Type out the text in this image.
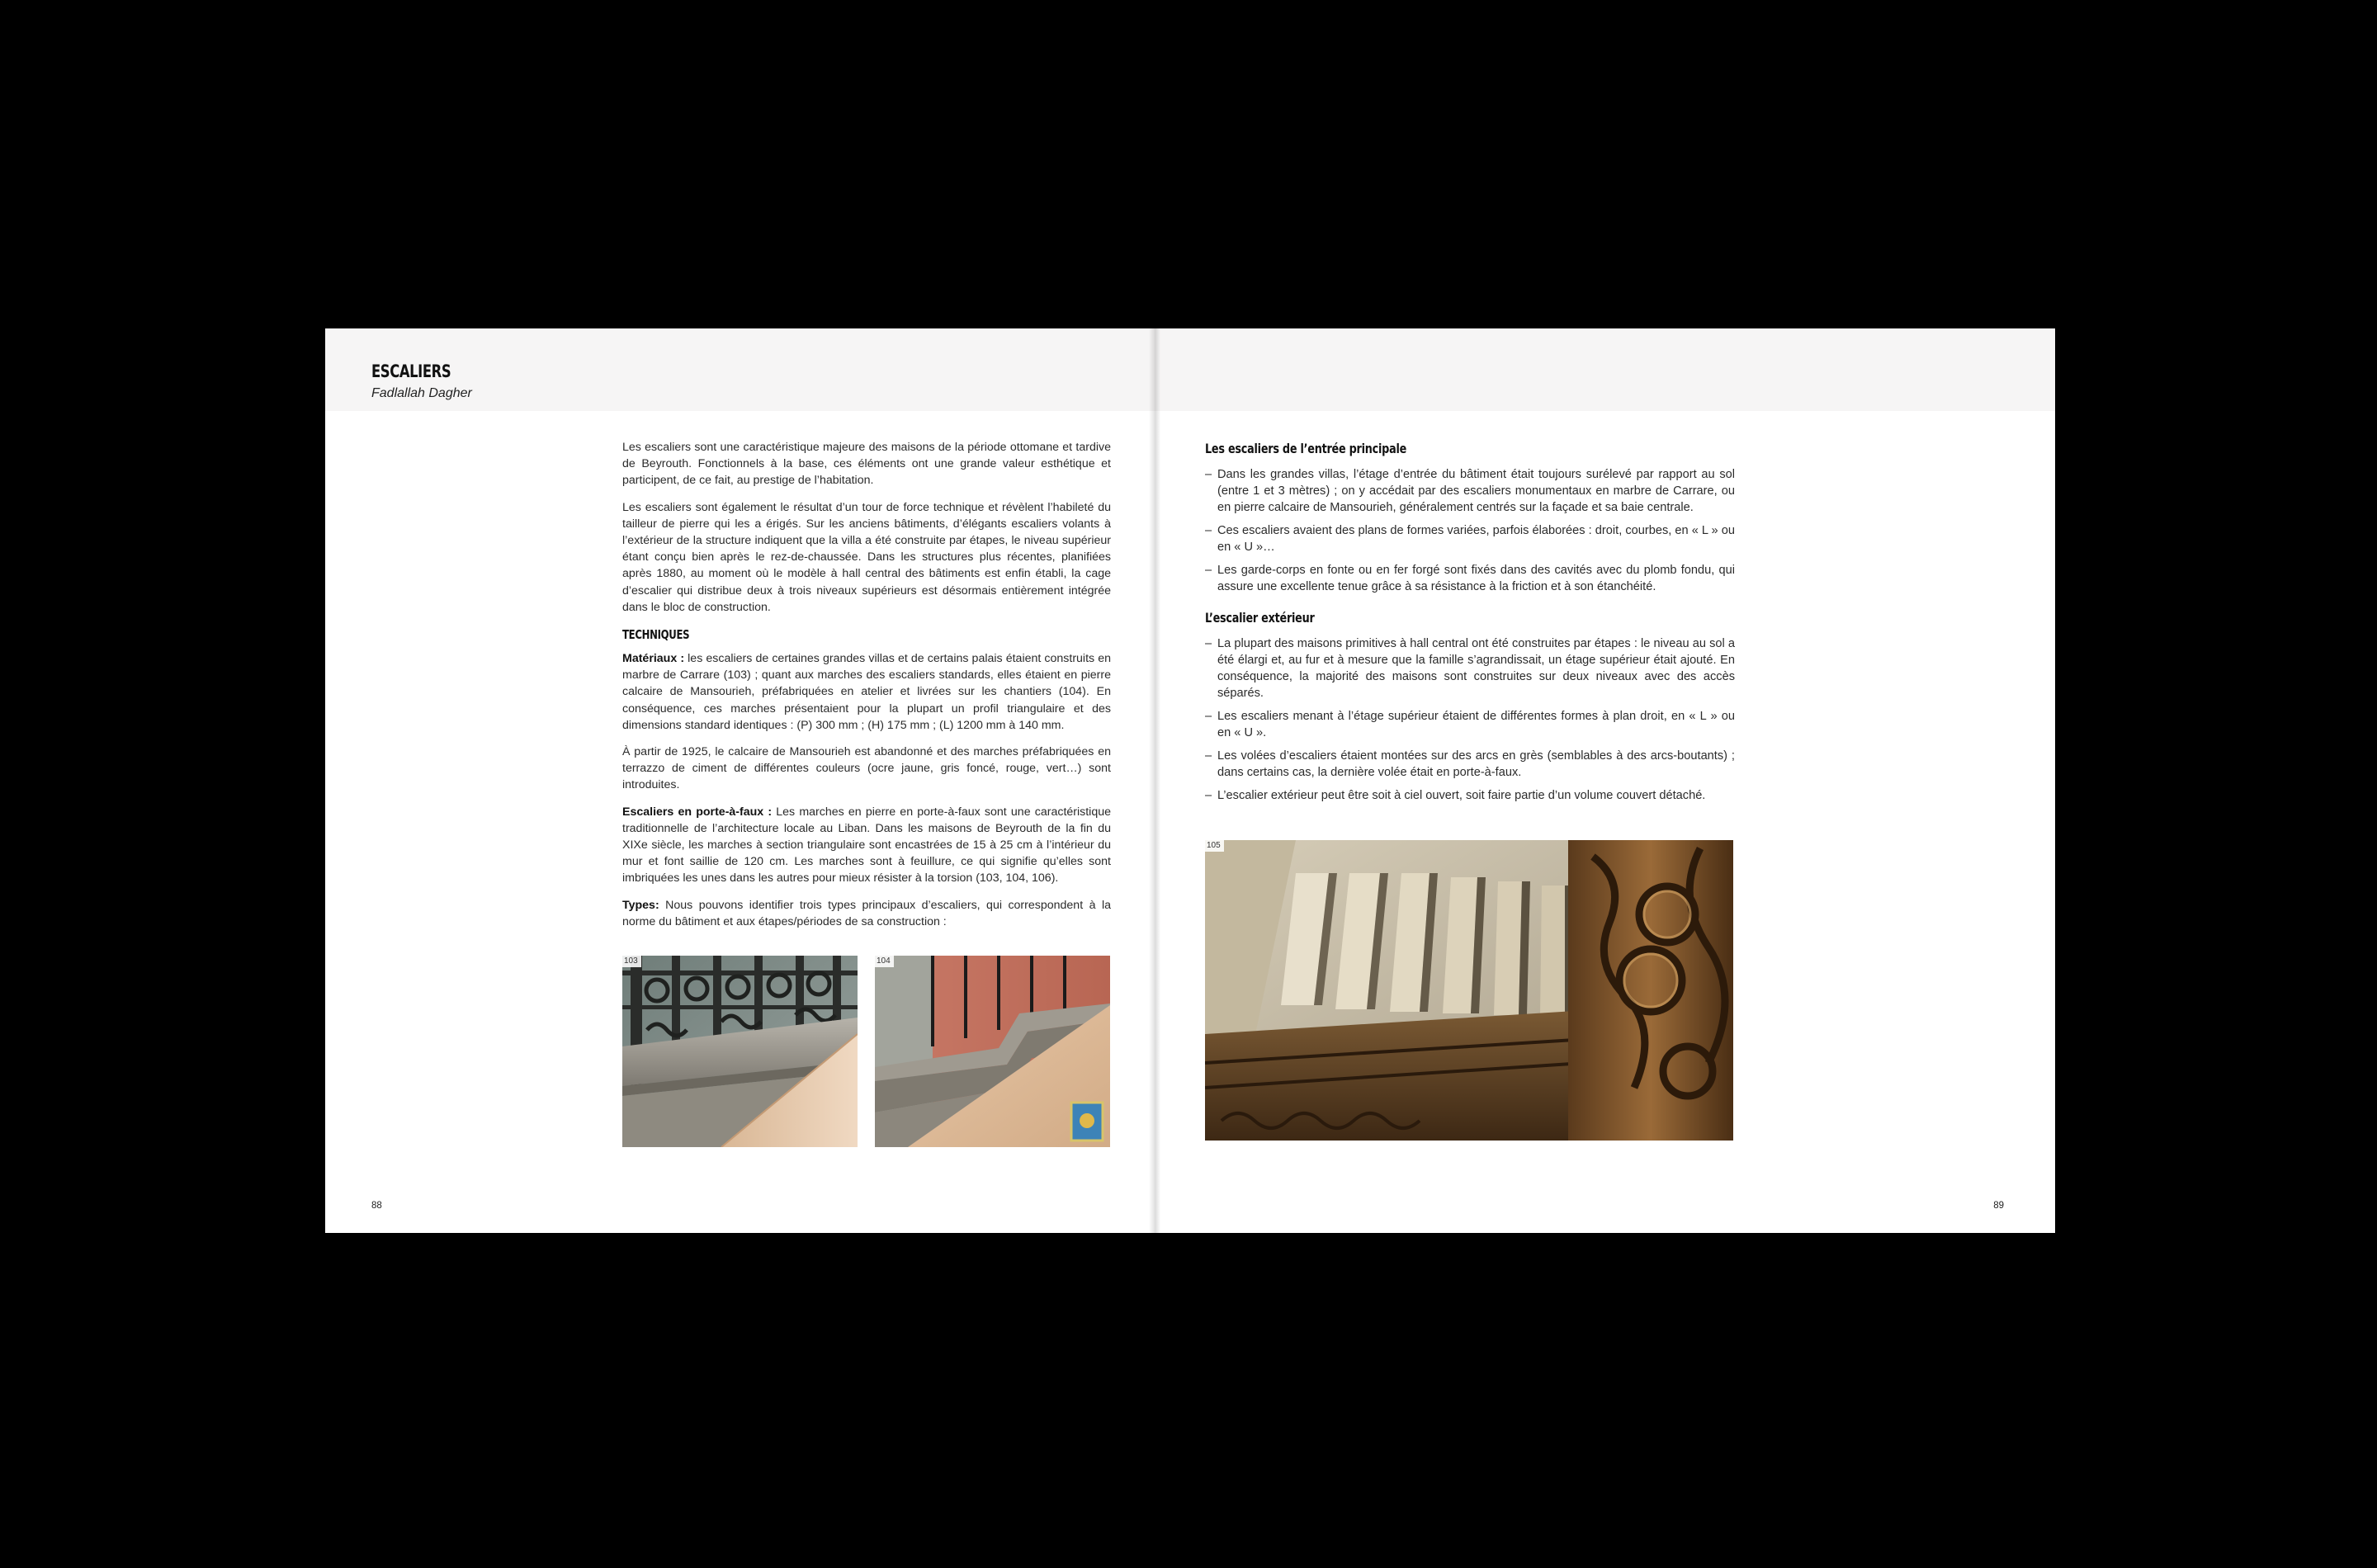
ESCALIERS
Fadlallah Dagher

Les escaliers sont une caractéristique majeure des maisons de la période ottomane et tardive de Beyrouth. Fonctionnels à la base, ces éléments ont une grande valeur esthétique et participent, de ce fait, au prestige de l’habitation.

Les escaliers sont également le résultat d’un tour de force technique et révèlent l’habileté du tailleur de pierre qui les a érigés. Sur les anciens bâtiments, d’élégants escaliers volants à l’extérieur de la structure indiquent que la villa a été construite par étapes, le niveau supérieur étant conçu bien après le rez-de-chaussée. Dans les structures plus récentes, planifiées après 1880, au moment où le modèle à hall central des bâtiments est enfin établi, la cage d’escalier qui distribue deux à trois niveaux supérieurs est désormais entièrement intégrée dans le bloc de construction.

TECHNIQUES

Matériaux : les escaliers de certaines grandes villas et de certains palais étaient construits en marbre de Carrare (103) ; quant aux marches des escaliers standards, elles étaient en pierre calcaire de Mansourieh, préfabriquées en atelier et livrées sur les chantiers (104). En conséquence, ces marches présentaient pour la plupart un profil triangulaire et des dimensions standard identiques : (P) 300 mm ; (H) 175 mm ; (L) 1200 mm à 140 mm.

À partir de 1925, le calcaire de Mansourieh est abandonné et des marches préfabriquées en terrazzo de ciment de différentes couleurs (ocre jaune, gris foncé, rouge, vert…) sont introduites.

Escaliers en porte-à-faux : Les marches en pierre en porte-à-faux sont une caractéristique traditionnelle de l’architecture locale au Liban. Dans les maisons de Beyrouth de la fin du XIXe siècle, les marches à section triangulaire sont encastrées de 15 à 25 cm à l’intérieur du mur et font saillie de 120 cm. Les marches sont à feuillure, ce qui signifie qu’elles sont imbriquées les unes dans les autres pour mieux résister à la torsion (103, 104, 106).

Types: Nous pouvons identifier trois types principaux d’escaliers, qui correspondent à la norme du bâtiment et aux étapes/périodes de sa construction :

103	104
88
Les escaliers de l’entrée principale
– Dans les grandes villas, l’étage d’entrée du bâtiment était toujours surélevé par rapport au sol (entre 1 et 3 mètres) ; on y accédait par des escaliers monumentaux en marbre de Carrare, ou en pierre calcaire de Mansourieh, généralement centrés sur la façade et sa baie centrale.
– Ces escaliers avaient des plans de formes variées, parfois élaborées : droit, courbes, en « L » ou en « U »…
– Les garde-corps en fonte ou en fer forgé sont fixés dans des cavités avec du plomb fondu, qui assure une excellente tenue grâce à sa résistance à la friction et à son étanchéité.
L’escalier extérieur
– La plupart des maisons primitives à hall central ont été construites par étapes : le niveau au sol a été élargi et, au fur et à mesure que la famille s’agrandissait, un étage supérieur était ajouté. En conséquence, la majorité des maisons sont construites sur deux niveaux avec des accès séparés.
– Les escaliers menant à l’étage supérieur étaient de différentes formes à plan droit, en « L » ou en « U ».
– Les volées d’escaliers étaient montées sur des arcs en grès (semblables à des arcs-boutants) ; dans certains cas, la dernière volée était en porte-à-faux.
– L’escalier extérieur peut être soit à ciel ouvert, soit faire partie d’un volume couvert détaché.
105
89
